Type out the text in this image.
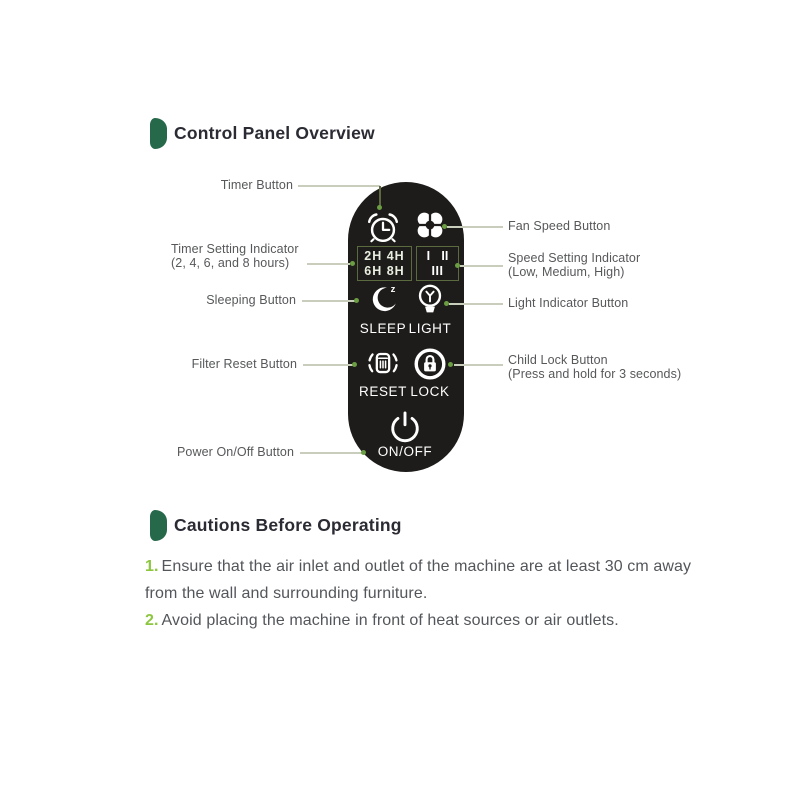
Control Panel Overview
2H 4H
6H 8H
I II
III
z
SLEEP LIGHT
RESET LOCK
ON/OFF
Timer Button
Timer Setting Indicator
(2, 4, 6, and 8 hours)
Sleeping Button
Filter Reset Button
Power On/Off Button
Fan Speed Button
Speed Setting Indicator
(Low, Medium, High)
Light Indicator Button
Child Lock Button
(Press and hold for 3 seconds)
Cautions Before Operating

1. Ensure that the air inlet and outlet of the machine are at least 30 cm away from the wall and surrounding furniture.

2. Avoid placing the machine in front of heat sources or air outlets.
